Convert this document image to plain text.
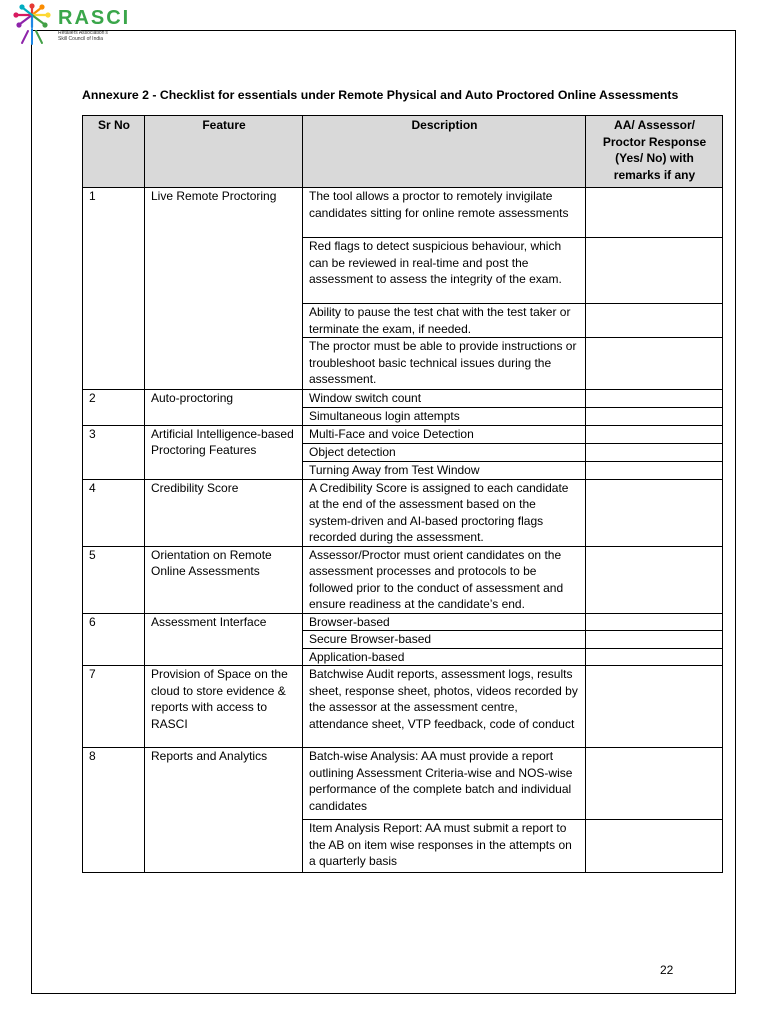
RASCI
Retailers Association's
Skill Council of India
Annexure 2 - Checklist for essentials under Remote Physical and Auto Proctored Online Assessments
Sr No	Feature	Description	AA/ Assessor/ Proctor Response (Yes/ No) with remarks if any
1	Live Remote Proctoring	The tool allows a proctor to remotely invigilate candidates sitting for online remote assessments	
		Red flags to detect suspicious behaviour, which can be reviewed in real-time and post the assessment to assess the integrity of the exam.	
		Ability to pause the test chat with the test taker or terminate the exam, if needed.	
		The proctor must be able to provide instructions or troubleshoot basic technical issues during the assessment.	
2	Auto-proctoring	Window switch count	
		Simultaneous login attempts	
3	Artificial Intelligence-based Proctoring Features	Multi-Face and voice Detection	
		Object detection	
		Turning Away from Test Window	
4	Credibility Score	A Credibility Score is assigned to each candidate at the end of the assessment based on the system-driven and AI-based proctoring flags recorded during the assessment.	
5	Orientation on Remote Online Assessments	Assessor/Proctor must orient candidates on the assessment processes and protocols to be followed prior to the conduct of assessment and ensure readiness at the candidate’s end.	
6	Assessment Interface	Browser-based	
		Secure Browser-based	
		Application-based	
7	Provision of Space on the cloud to store evidence & reports with access to RASCI	Batchwise Audit reports, assessment logs, results sheet, response sheet, photos, videos recorded by the assessor at the assessment centre, attendance sheet, VTP feedback, code of conduct	
8	Reports and Analytics	Batch-wise Analysis: AA must provide a report outlining Assessment Criteria-wise and NOS-wise performance of the complete batch and individual candidates	
		Item Analysis Report: AA must submit a report to the AB on item wise responses in the attempts on a quarterly basis	
22
